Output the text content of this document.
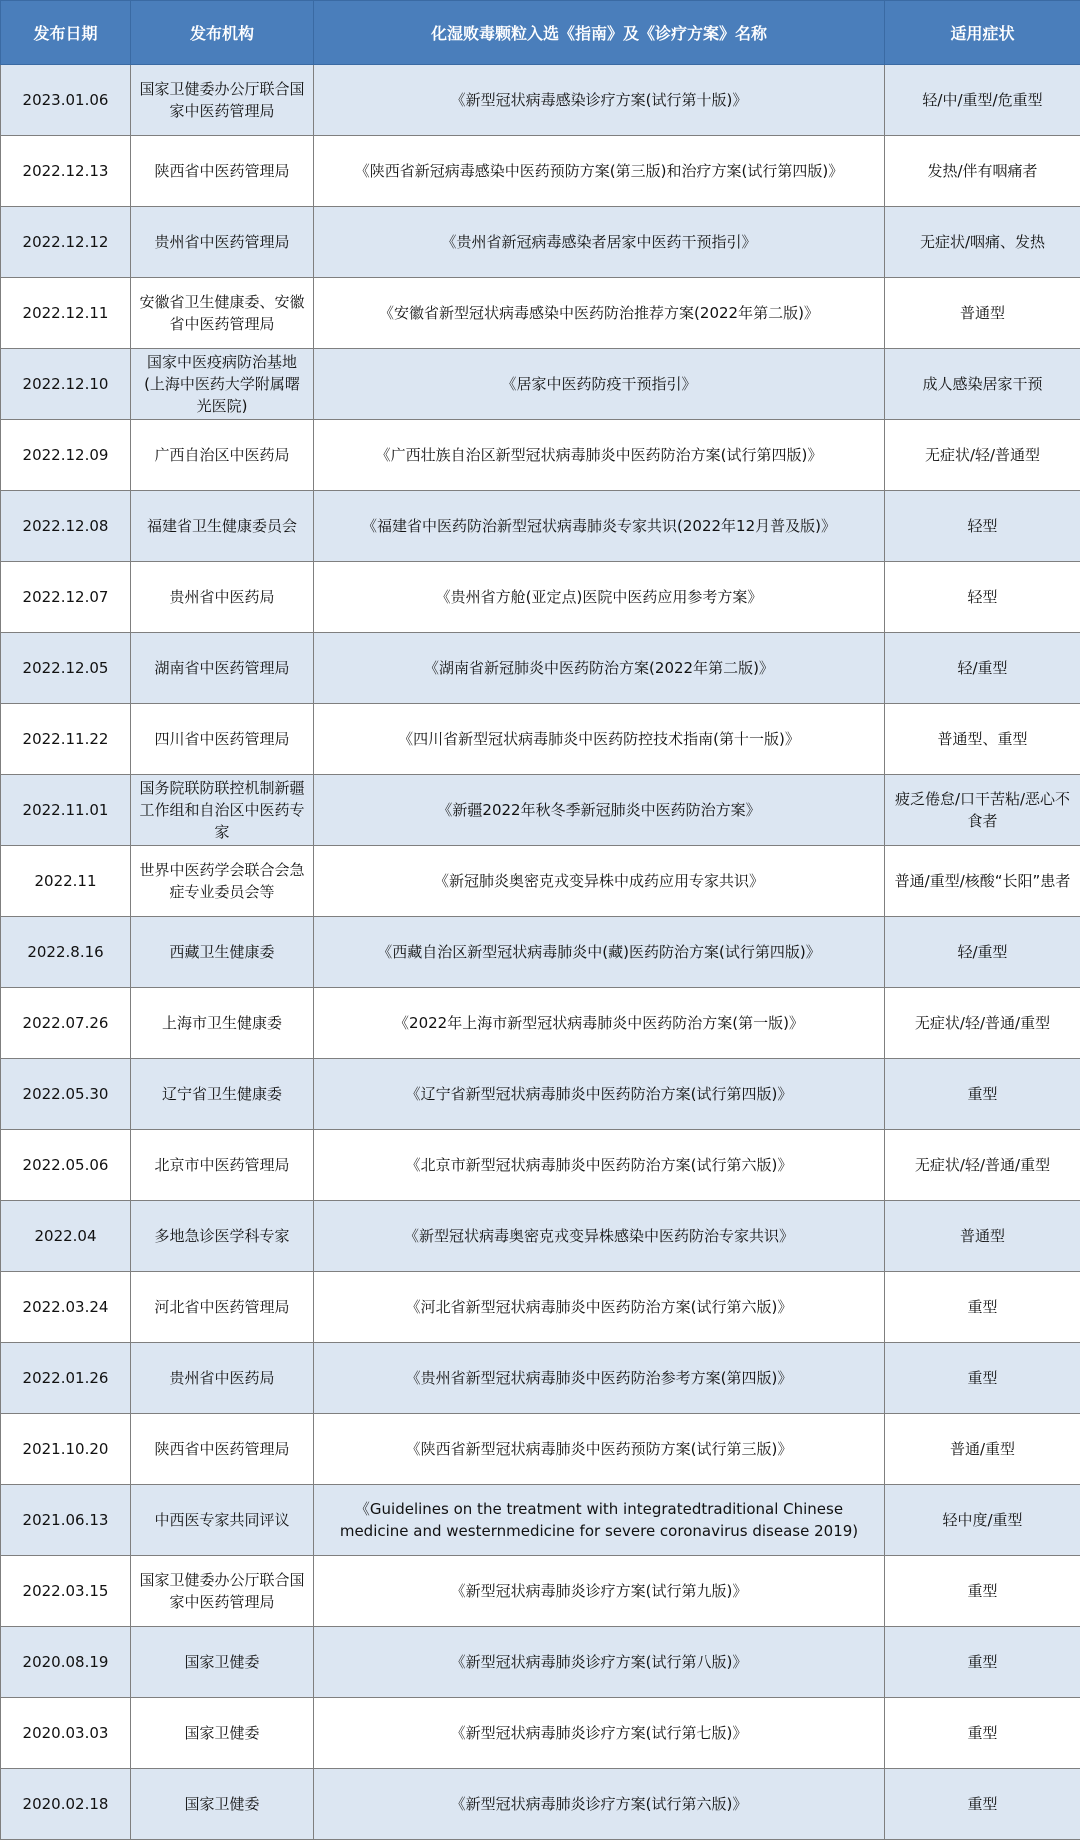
发布日期	发布机构	化湿败毒颗粒入选《指南》及《诊疗方案》名称	适用症状
2023.01.06	国家卫健委办公厅联合国家中医药管理局	《新型冠状病毒感染诊疗方案(试行第十版)》	轻/中/重型/危重型
2022.12.13	陕西省中医药管理局	《陕西省新冠病毒感染中医药预防方案(第三版)和治疗方案(试行第四版)》	发热/伴有咽痛者
2022.12.12	贵州省中医药管理局	《贵州省新冠病毒感染者居家中医药干预指引》	无症状/咽痛、发热
2022.12.11	安徽省卫生健康委、安徽省中医药管理局	《安徽省新型冠状病毒感染中医药防治推荐方案(2022年第二版)》	普通型
2022.12.10	国家中医疫病防治基地(上海中医药大学附属曙光医院)	《居家中医药防疫干预指引》	成人感染居家干预
2022.12.09	广西自治区中医药局	《广西壮族自治区新型冠状病毒肺炎中医药防治方案(试行第四版)》	无症状/轻/普通型
2022.12.08	福建省卫生健康委员会	《福建省中医药防治新型冠状病毒肺炎专家共识(2022年12月普及版)》	轻型
2022.12.07	贵州省中医药局	《贵州省方舱(亚定点)医院中医药应用参考方案》	轻型
2022.12.05	湖南省中医药管理局	《湖南省新冠肺炎中医药防治方案(2022年第二版)》	轻/重型
2022.11.22	四川省中医药管理局	《四川省新型冠状病毒肺炎中医药防控技术指南(第十一版)》	普通型、重型
2022.11.01	国务院联防联控机制新疆工作组和自治区中医药专家	《新疆2022年秋冬季新冠肺炎中医药防治方案》	疲乏倦怠/口干苦粘/恶心不食者
2022.11	世界中医药学会联合会急症专业委员会等	《新冠肺炎奥密克戎变异株中成药应用专家共识》	普通/重型/核酸“长阳”患者
2022.8.16	西藏卫生健康委	《西藏自治区新型冠状病毒肺炎中(藏)医药防治方案(试行第四版)》	轻/重型
2022.07.26	上海市卫生健康委	《2022年上海市新型冠状病毒肺炎中医药防治方案(第一版)》	无症状/轻/普通/重型
2022.05.30	辽宁省卫生健康委	《辽宁省新型冠状病毒肺炎中医药防治方案(试行第四版)》	重型
2022.05.06	北京市中医药管理局	《北京市新型冠状病毒肺炎中医药防治方案(试行第六版)》	无症状/轻/普通/重型
2022.04	多地急诊医学科专家	《新型冠状病毒奥密克戎变异株感染中医药防治专家共识》	普通型
2022.03.24	河北省中医药管理局	《河北省新型冠状病毒肺炎中医药防治方案(试行第六版)》	重型
2022.01.26	贵州省中医药局	《贵州省新型冠状病毒肺炎中医药防治参考方案(第四版)》	重型
2021.10.20	陕西省中医药管理局	《陕西省新型冠状病毒肺炎中医药预防方案(试行第三版)》	普通/重型
2021.06.13	中西医专家共同评议	《Guidelines on the treatment with integratedtraditional Chinese medicine and westernmedicine for severe coronavirus disease 2019)	轻中度/重型
2022.03.15	国家卫健委办公厅联合国家中医药管理局	《新型冠状病毒肺炎诊疗方案(试行第九版)》	重型
2020.08.19	国家卫健委	《新型冠状病毒肺炎诊疗方案(试行第八版)》	重型
2020.03.03	国家卫健委	《新型冠状病毒肺炎诊疗方案(试行第七版)》	重型
2020.02.18	国家卫健委	《新型冠状病毒肺炎诊疗方案(试行第六版)》	重型
